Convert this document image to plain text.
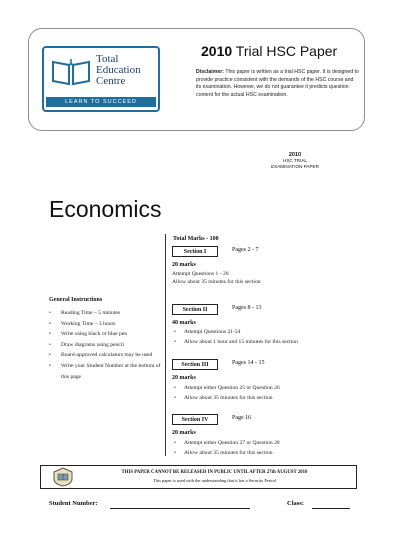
Total
Education
Centre
LEARN TO SUCCEED
2010 Trial HSC Paper
Disclaimer: This paper is written as a trial HSC paper. It is designed to provide practice consistent with the demands of the HSC course and its examination. However, we do not guarantee it predicts question content for the actual HSC examination.
2010
HSC TRIAL
EXAMINATION PAPER
Economics
Total Marks - 100
Section I	Pages 2 - 7
20 marks
Attempt Questions 1 - 20
Allow about 35 minutes for this section
Section II	Pages 8 - 13
40 marks
• Attempt Questions 21-24
• Allow about 1 hour and 15 minutes for this section
Section III	Pages 14 - 15
20 marks
• Attempt either Question 25 or Question 26
• Allow about 35 minutes for this section
Section IV	Page 16
20 marks
• Attempt either Question 27 or Question 28
• Allow about 35 minutes for this section
General Instructions
• Reading Time – 5 minutes
• Working Time – 3 hours
• Write using black or blue pen
• Draw diagrams using pencil
• Board-approved calculators may be used
• Write your Student Number at the bottom of this page
THIS PAPER CANNOT BE RELEASED IN PUBLIC UNTIL AFTER 27th AUGUST 2010
This paper is used with the understanding that it has a Security Period
Student Number:	Class:
